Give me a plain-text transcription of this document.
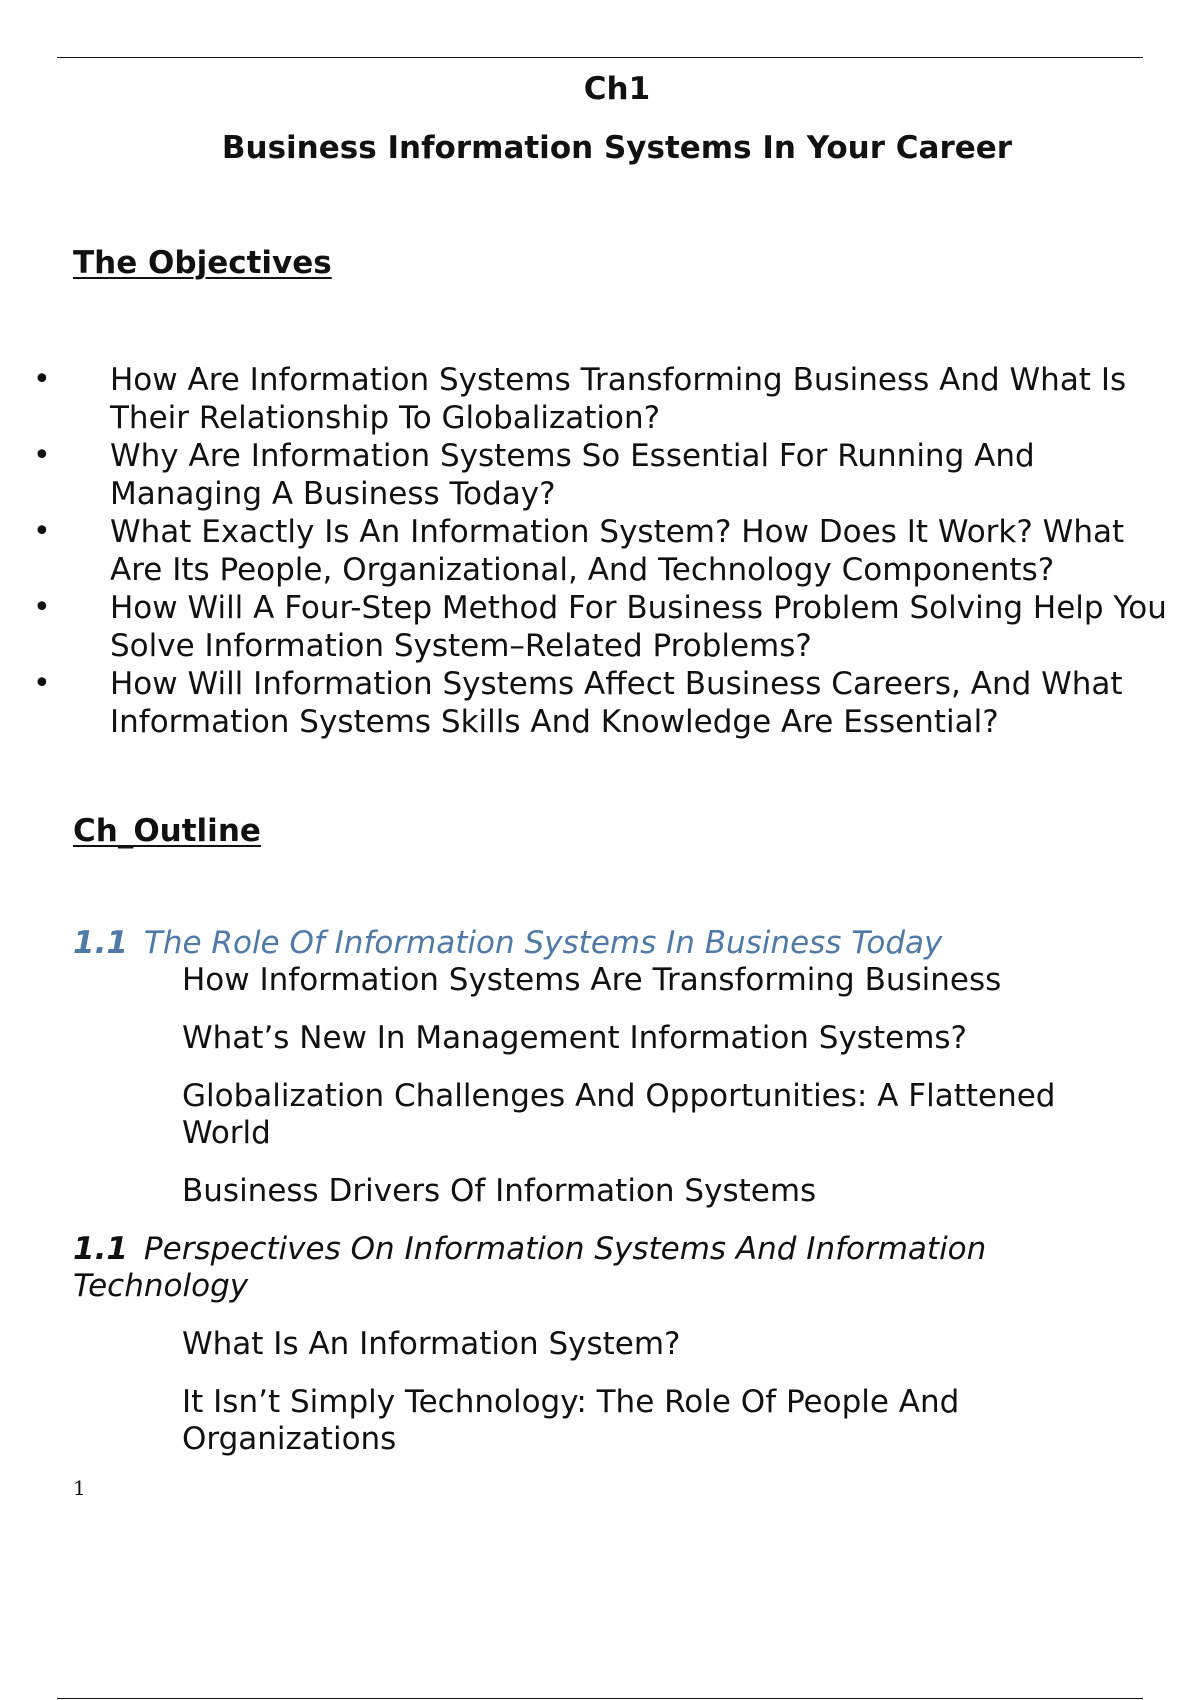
Ch1
Business Information Systems In Your Career
The Objectives
• How Are Information Systems Transforming Business And What Is Their Relationship To Globalization?
• Why Are Information Systems So Essential For Running And Managing A Business Today?
• What Exactly Is An Information System? How Does It Work? What Are Its People, Organizational, And Technology Components?
• How Will A Four-Step Method For Business Problem Solving Help You Solve Information System–Related Problems?
• How Will Information Systems Affect Business Careers, And What Information Systems Skills And Knowledge Are Essential?
Ch_Outline
1.1 The Role Of Information Systems In Business Today
How Information Systems Are Transforming Business
What’s New In Management Information Systems?
Globalization Challenges And Opportunities: A Flattened World
Business Drivers Of Information Systems
1.1 Perspectives On Information Systems And Information Technology
What Is An Information System?
It Isn’t Simply Technology: The Role Of People And Organizations
1
